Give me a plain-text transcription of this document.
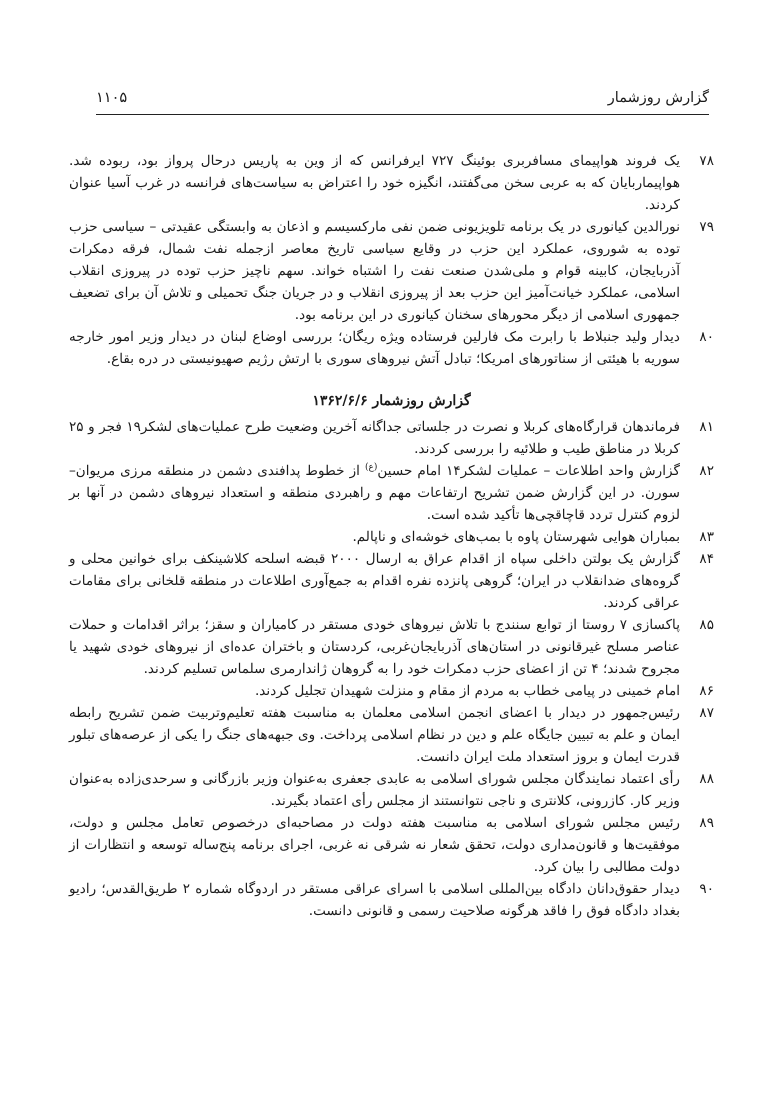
گزارش روزشمار
۱۱۰۵

۷۸
یک فروند هواپیمای مسافربری بوئینگ ۷۲۷ ایرفرانس که از وین به پاریس درحال پرواز بود، ربوده شد. هواپیماربایان که به عربی سخن می‌گفتند، انگیزه خود را اعتراض به سیاست‌های فرانسه در غرب آسیا عنوان کردند.

۷۹
نورالدین کیانوری در یک برنامه تلویزیونی ضمن نفی مارکسیسم و اذعان به وابستگی عقیدتی – سیاسی حزب توده به شوروی، عملکرد این حزب در وقایع سیاسی تاریخ معاصر ازجمله نفت شمال، فرقه دمکرات آذربایجان، کابینه قوام و ملی‌شدن صنعت نفت را اشتباه خواند. سهم ناچیز حزب توده در پیروزی انقلاب اسلامی، عملکرد خیانت‌آمیز این حزب بعد از پیروزی انقلاب و در جریان جنگ تحمیلی و تلاش آن برای تضعیف جمهوری اسلامی از دیگر محورهای سخنان کیانوری در این برنامه بود.

۸۰
دیدار ولید جنبلاط با رابرت مک فارلین فرستاده ویژه ریگان؛ بررسی اوضاع لبنان در دیدار وزیر امور خارجه سوریه با هیئتی از سناتورهای امریکا؛ تبادل آتش نیروهای سوری با ارتش رژیم صهیونیستی در دره بقاع.

گزارش روزشمار ۱۳۶۲/۶/۶

۸۱
فرماندهان قرارگاه‌های کربلا و نصرت در جلساتی جداگانه آخرین وضعیت طرح عملیات‌های لشکر۱۹ فجر و ۲۵ کربلا در مناطق طیب و طلائیه را بررسی کردند.

۸۲
گزارش واحد اطلاعات – عملیات لشکر۱۴ امام حسین$^{(ع)}$ از خطوط پدافندی دشمن در منطقه مرزی مریوان– سورن. در این گزارش ضمن تشریح ارتفاعات مهم و راهبردی منطقه و استعداد نیروهای دشمن در آنها بر لزوم کنترل تردد قاچاقچی‌ها تأکید شده است.

۸۳
بمباران هوایی شهرستان پاوه با بمب‌های خوشه‌ای و ناپالم.

۸۴
گزارش یک بولتن داخلی سپاه از اقدام عراق به ارسال ۲۰۰۰ قبضه اسلحه کلاشینکف برای خوانین محلی و گروه‌های ضدانقلاب در ایران؛ گروهی پانزده نفره اقدام به جمع‌آوری اطلاعات در منطقه قلخانی برای مقامات عراقی کردند.

۸۵
پاکسازی ۷ روستا از توابع سنندج با تلاش نیروهای خودی مستقر در کامیاران و سقز؛ براثر اقدامات و حملات عناصر مسلح غیرقانونی در استان‌های آذربایجان‌غربی، کردستان و باختران عده‌ای از نیروهای خودی شهید یا مجروح شدند؛ ۴ تن از اعضای حزب دمکرات خود را به گروهان ژاندارمری سلماس تسلیم کردند.

۸۶
امام خمینی در پیامی خطاب به مردم از مقام و منزلت شهیدان تجلیل کردند.

۸۷
رئیس‌جمهور در دیدار با اعضای انجمن اسلامی معلمان به مناسبت هفته تعلیم‌وتربیت ضمن تشریح رابطه ایمان و علم به تبیین جایگاه علم و دین در نظام اسلامی پرداخت. وی جبهه‌های جنگ را یکی از عرصه‌های تبلور قدرت ایمان و بروز استعداد ملت ایران دانست.

۸۸
رأی اعتماد نمایندگان مجلس شورای اسلامی به عابدی جعفری به‌عنوان وزیر بازرگانی و سرحدی‌زاده به‌عنوان وزیر کار. کازرونی، کلانتری و ناجی نتوانستند از مجلس رأی اعتماد بگیرند.

۸۹
رئیس مجلس شورای اسلامی به مناسبت هفته دولت در مصاحبه‌ای درخصوص تعامل مجلس و دولت، موفقیت‌ها و قانون‌مداری دولت، تحقق شعار نه شرقی نه غربی، اجرای برنامه پنج‌ساله توسعه و انتظارات از دولت مطالبی را بیان کرد.

۹۰
دیدار حقوق‌دانان دادگاه بین‌المللی اسلامی با اسرای عراقی مستقر در اردوگاه شماره ۲ طریق‌القدس؛ رادیو بغداد دادگاه فوق را فاقد هرگونه صلاحیت رسمی و قانونی دانست.
